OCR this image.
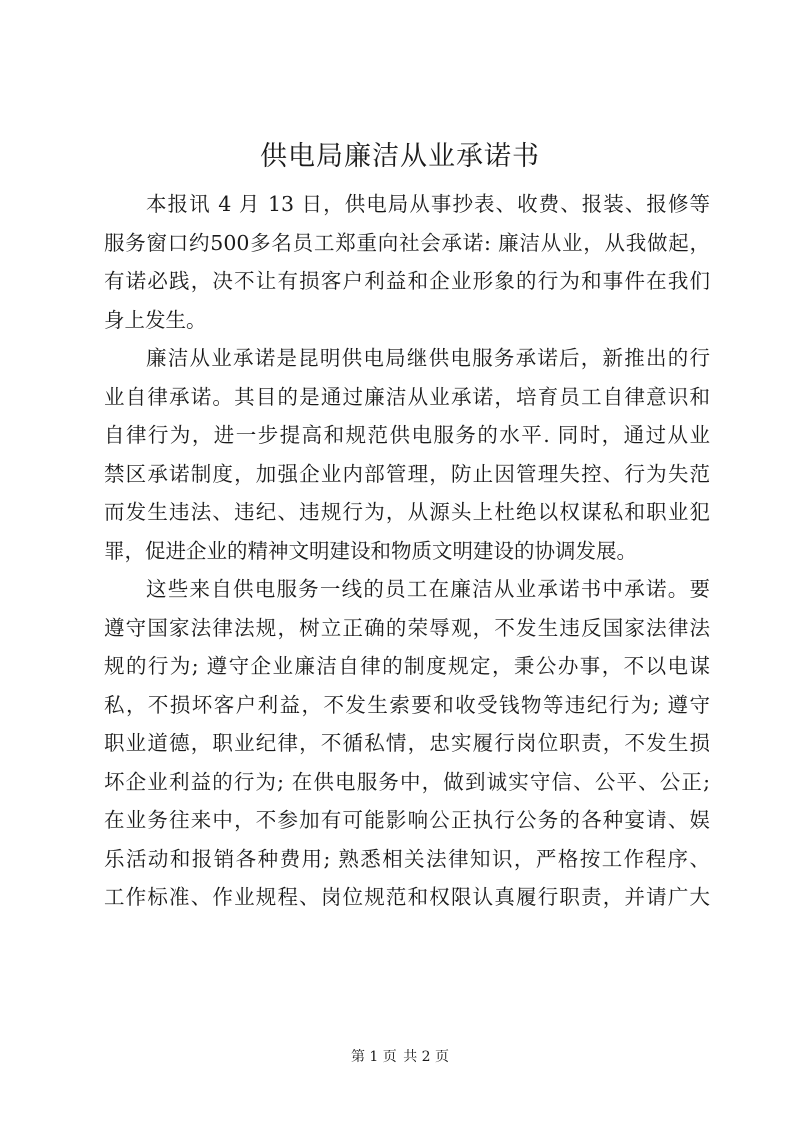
供电局廉洁从业承诺书
本报讯 4 月 13 日，供电局从事抄表、收费、报装、报修等
服务窗口约500多名员工郑重向社会承诺: 廉洁从业，从我做起，
有诺必践，决不让有损客户利益和企业形象的行为和事件在我们
身上发生。
廉洁从业承诺是昆明供电局继供电服务承诺后，新推出的行
业自律承诺。其目的是通过廉洁从业承诺，培育员工自律意识和
自律行为，进一步提高和规范供电服务的水平. 同时，通过从业
禁区承诺制度，加强企业内部管理，防止因管理失控、行为失范
而发生违法、违纪、违规行为，从源头上杜绝以权谋私和职业犯
罪，促进企业的精神文明建设和物质文明建设的协调发展。
这些来自供电服务一线的员工在廉洁从业承诺书中承诺。要
遵守国家法律法规，树立正确的荣辱观，不发生违反国家法律法
规的行为; 遵守企业廉洁自律的制度规定，秉公办事，不以电谋
私，不损坏客户利益，不发生索要和收受钱物等违纪行为; 遵守
职业道德，职业纪律，不循私情，忠实履行岗位职责，不发生损
坏企业利益的行为; 在供电服务中，做到诚实守信、公平、公正;
在业务往来中，不参加有可能影响公正执行公务的各种宴请、娱
乐活动和报销各种费用; 熟悉相关法律知识，严格按工作程序、
工作标准、作业规程、岗位规范和权限认真履行职责，并请广大
第 1 页 共 2 页
